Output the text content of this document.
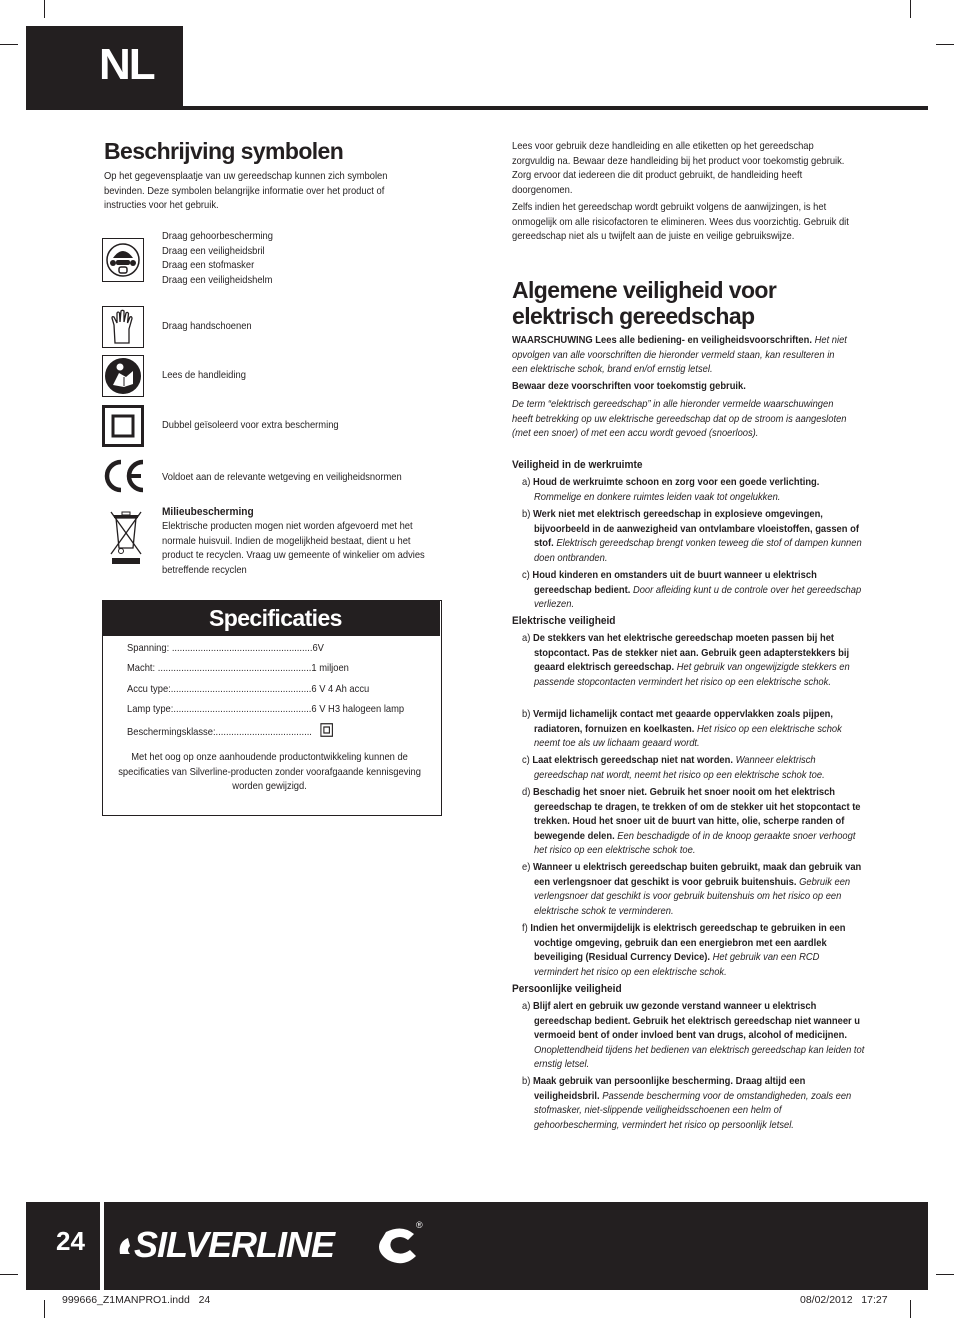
NL
Beschrijving symbolen
Op het gegevensplaatje van uw gereedschap kunnen zich symbolen bevinden. Deze symbolen belangrijke informatie over het product of instructies voor het gebruik.
Draag gehoorbescherming
Draag een veiligheidsbril
Draag een stofmasker
Draag een veiligheidshelm
Draag handschoenen
Lees de handleiding
Dubbel geïsoleerd voor extra bescherming
Voldoet aan de relevante wetgeving en veiligheidsnormen
Milieubescherming
Elektrische producten mogen niet worden afgevoerd met het normale huisvuil. Indien de mogelijkheid bestaat, dient u het product te recyclen. Vraag uw gemeente of winkelier om advies betreffende recyclen
Specificaties
Spanning: ......................................................6V
Macht: ...........................................................1 miljoen
Accu type:......................................................6 V 4 Ah accu
Lamp type:.....................................................6 V H3 halogeen lamp
Beschermingsklasse:.....................................
Met het oog op onze aanhoudende productontwikkeling kunnen de specificaties van Silverline-producten zonder voorafgaande kennisgeving worden gewijzigd.
Lees voor gebruik deze handleiding en alle etiketten op het gereedschap zorgvuldig na. Bewaar deze handleiding bij het product voor toekomstig gebruik. Zorg ervoor dat iedereen die dit product gebruikt, de handleiding heeft doorgenomen.
Zelfs indien het gereedschap wordt gebruikt volgens de aanwijzingen, is het onmogelijk om alle risicofactoren te elimineren. Wees dus voorzichtig. Gebruik dit gereedschap niet als u twijfelt aan de juiste en veilige gebruikswijze.
Algemene veiligheid voor
elektrisch gereedschap
WAARSCHUWING Lees alle bediening- en veiligheidsvoorschriften. Het niet opvolgen van alle voorschriften die hieronder vermeld staan, kan resulteren in een elektrische schok, brand en/of ernstig letsel.
Bewaar deze voorschriften voor toekomstig gebruik.
De term “elektrisch gereedschap” in alle hieronder vermelde waarschuwingen heeft betrekking op uw elektrische gereedschap dat op de stroom is aangesloten (met een snoer) of met een accu wordt gevoed (snoerloos).
Veiligheid in de werkruimte
a) Houd de werkruimte schoon en zorg voor een goede verlichting. Rommelige en donkere ruimtes leiden vaak tot ongelukken.
b) Werk niet met elektrisch gereedschap in explosieve omgevingen, bijvoorbeeld in de aanwezigheid van ontvlambare vloeistoffen, gassen of stof. Elektrisch gereedschap brengt vonken teweeg die stof of dampen kunnen doen ontbranden.
c) Houd kinderen en omstanders uit de buurt wanneer u elektrisch gereedschap bedient. Door afleiding kunt u de controle over het gereedschap verliezen.
Elektrische veiligheid
a) De stekkers van het elektrische gereedschap moeten passen bij het stopcontact. Pas de stekker niet aan. Gebruik geen adapterstekkers bij geaard elektrisch gereedschap. Het gebruik van ongewijzigde stekkers en passende stopcontacten vermindert het risico op een elektrische schok.
b) Vermijd lichamelijk contact met geaarde oppervlakken zoals pijpen, radiatoren, fornuizen en koelkasten. Het risico op een elektrische schok neemt toe als uw lichaam geaard wordt.
c) Laat elektrisch gereedschap niet nat worden. Wanneer elektrisch gereedschap nat wordt, neemt het risico op een elektrische schok toe.
d) Beschadig het snoer niet. Gebruik het snoer nooit om het elektrisch gereedschap te dragen, te trekken of om de stekker uit het stopcontact te trekken. Houd het snoer uit de buurt van hitte, olie, scherpe randen of bewegende delen. Een beschadigde of in de knoop geraakte snoer verhoogt het risico op een elektrische schok toe.
e) Wanneer u elektrisch gereedschap buiten gebruikt, maak dan gebruik van een verlengsnoer dat geschikt is voor gebruik buitenshuis. Gebruik een verlengsnoer dat geschikt is voor gebruik buitenshuis om het risico op een elektrische schok te verminderen.
f) Indien het onvermijdelijk is elektrisch gereedschap te gebruiken in een vochtige omgeving, gebruik dan een energiebron met een aardlek beveiliging (Residual Currency Device). Het gebruik van een RCD vermindert het risico op een elektrische schok.
Persoonlijke veiligheid
a) Blijf alert en gebruik uw gezonde verstand wanneer u elektrisch gereedschap bedient. Gebruik het elektrisch gereedschap niet wanneer u vermoeid bent of onder invloed bent van drugs, alcohol of medicijnen. Onoplettendheid tijdens het bedienen van elektrisch gereedschap kan leiden tot ernstig letsel.
b) Maak gebruik van persoonlijke bescherming. Draag altijd een veiligheidsbril. Passende bescherming voor de omstandigheden, zoals een stofmasker, niet-slippende veiligheidsschoenen een helm of gehoorbescherming, vermindert het risico op persoonlijk letsel.
24 SILVERLINE	®
999666_Z1MANPRO1.indd   24	08/02/2012   17:27
